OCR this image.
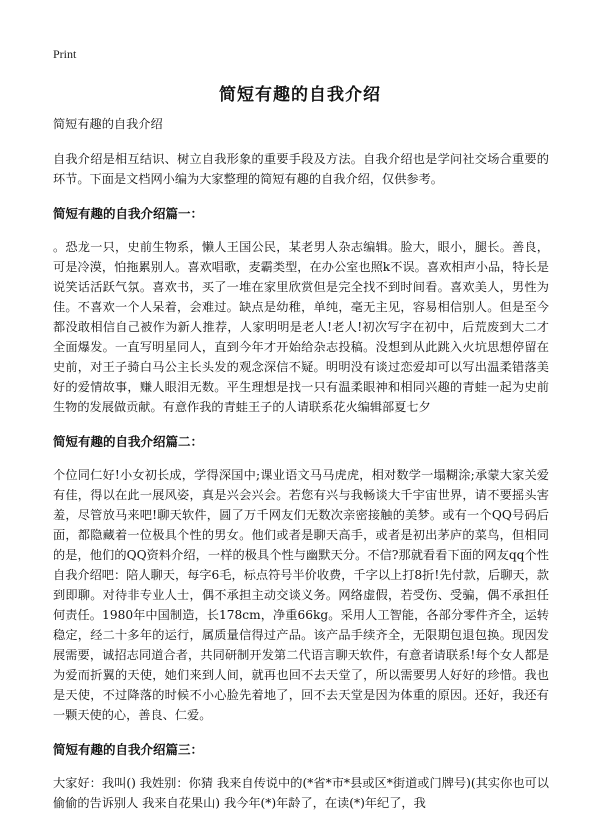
Print
简短有趣的自我介绍
简短有趣的自我介绍

自我介绍是相互结识、树立自我形象的重要手段及方法。自我介绍也是学问社交场合重要的环节。下面是文档网小编为大家整理的简短有趣的自我介绍，仅供参考。

简短有趣的自我介绍篇一：

。恐龙一只，史前生物系，懒人王国公民，某老男人杂志编辑。脸大，眼小，腿长。善良，可是冷漠，怕拖累别人。喜欢唱歌，麦霸类型，在办公室也照k不误。喜欢相声小品，特长是说笑话活跃气氛。喜欢书，买了一堆在家里欣赏但是完全找不到时间看。喜欢美人，男性为佳。不喜欢一个人呆着，会难过。缺点是幼稚，单纯，毫无主见，容易相信别人。但是至今都没敢相信自己被作为新人推荐，人家明明是老人!老人!初次写字在初中，后荒废到大二才全面爆发。一直写明星同人，直到今年才开始给杂志投稿。没想到从此跳入火坑思想停留在史前，对王子骑白马公主长头发的观念深信不疑。明明没有谈过恋爱却可以写出温柔错落美好的爱情故事，赚人眼泪无数。平生理想是找一只有温柔眼神和相同兴趣的青蛙一起为史前生物的发展做贡献。有意作我的青蛙王子的人请联系花火编辑部夏七夕

简短有趣的自我介绍篇二：

个位同仁好!小女初长成，学得深国中;课业语文马马虎虎，相对数学一塌糊涂;承蒙大家关爱有佳，得以在此一展风姿，真是兴会兴会。若您有兴与我畅谈大千宇宙世界，请不要摇头害羞，尽管放马来吧!聊天软件，圆了万千网友们无数次亲密接触的美梦。或有一个QQ号码后面，都隐藏着一位极具个性的男女。他们或者是聊天高手，或者是初出茅庐的菜鸟，但相同的是，他们的QQ资料介绍，一样的极具个性与幽默天分。不信?那就看看下面的网友qq个性自我介绍吧：陪人聊天，每字6毛，标点符号半价收费，千字以上打8折!先付款，后聊天，款到即聊。对待非专业人士，偶不承担主动交谈义务。网络虚假，若受伤、受骗，偶不承担任何责任。1980年中国制造，长178cm，净重66kg。采用人工智能，各部分零件齐全，运转稳定，经二十多年的运行，属质量信得过产品。该产品手续齐全，无限期包退包换。现因发展需要，诚招志同道合者，共同研制开发第二代语言聊天软件，有意者请联系!每个女人都是为爱而折翼的天使，她们来到人间，就再也回不去天堂了，所以需要男人好好的珍惜。我也是天使，不过降落的时候不小心脸先着地了，回不去天堂是因为体重的原因。还好，我还有一颗天使的心，善良、仁爱。

简短有趣的自我介绍篇三：

大家好：我叫() 我姓别：你猜 我来自传说中的(*省*市*县或区*街道或门牌号)(其实你也可以偷偷的告诉别人 我来自花果山) 我今年(*)年龄了，在读(*)年纪了，我
